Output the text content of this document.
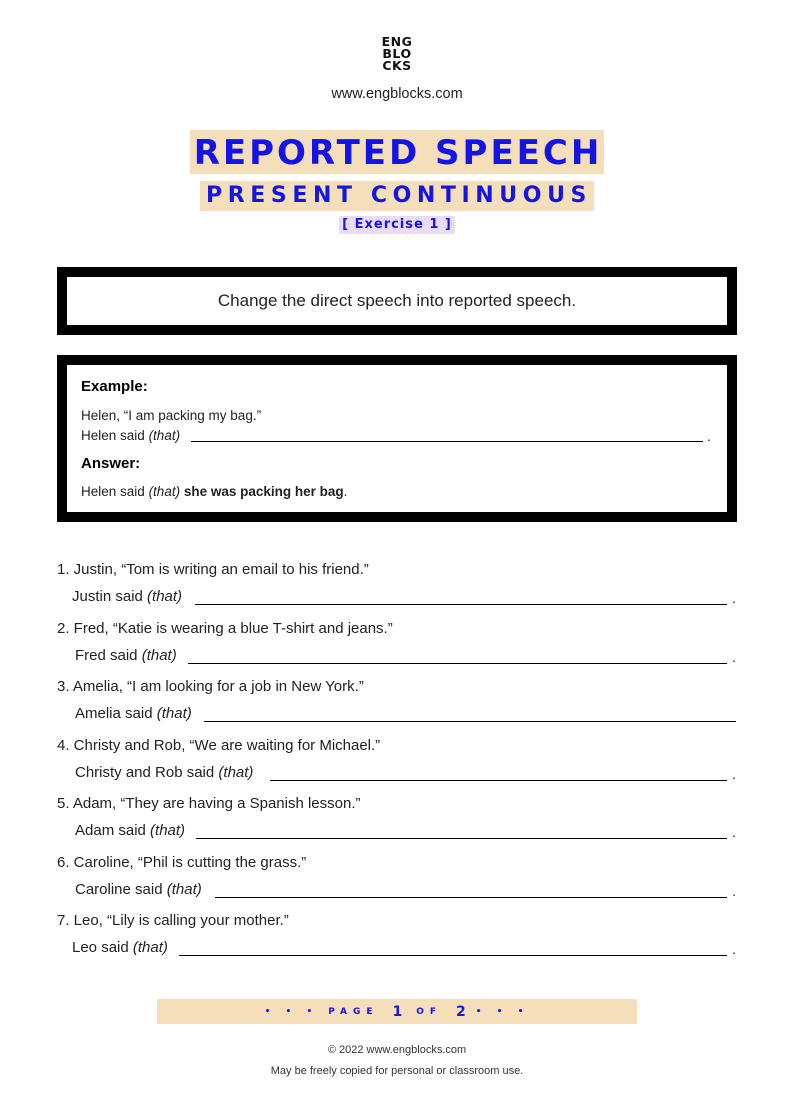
ENG
BLO
CKS
www.engblocks.com
REPORTED SPEECH
PRESENT CONTINUOUS
[ Exercise 1 ]
Change the direct speech into reported speech.
Example:
Helen, “I am packing my bag.”
Helen said (that)	.
Answer:
Helen said (that) she was packing her bag.
1. Justin, “Tom is writing an email to his friend.”
Justin said (that)	.
2. Fred, “Katie is wearing a blue T-shirt and jeans.”
Fred said (that)	.
3. Amelia, “I am looking for a job in New York.”
Amelia said (that)
4. Christy and Rob, “We are waiting for Michael.”
Christy and Rob said (that)	.
5. Adam, “They are having a Spanish lesson.”
Adam said (that)	.
6. Caroline, “Phil is cutting the grass.”
Caroline said (that)	.
7. Leo, “Lily is calling your mother.”
Leo said (that)	.
• • • PAGE 1 OF 2 • • •
© 2022 www.engblocks.com
May be freely copied for personal or classroom use.
